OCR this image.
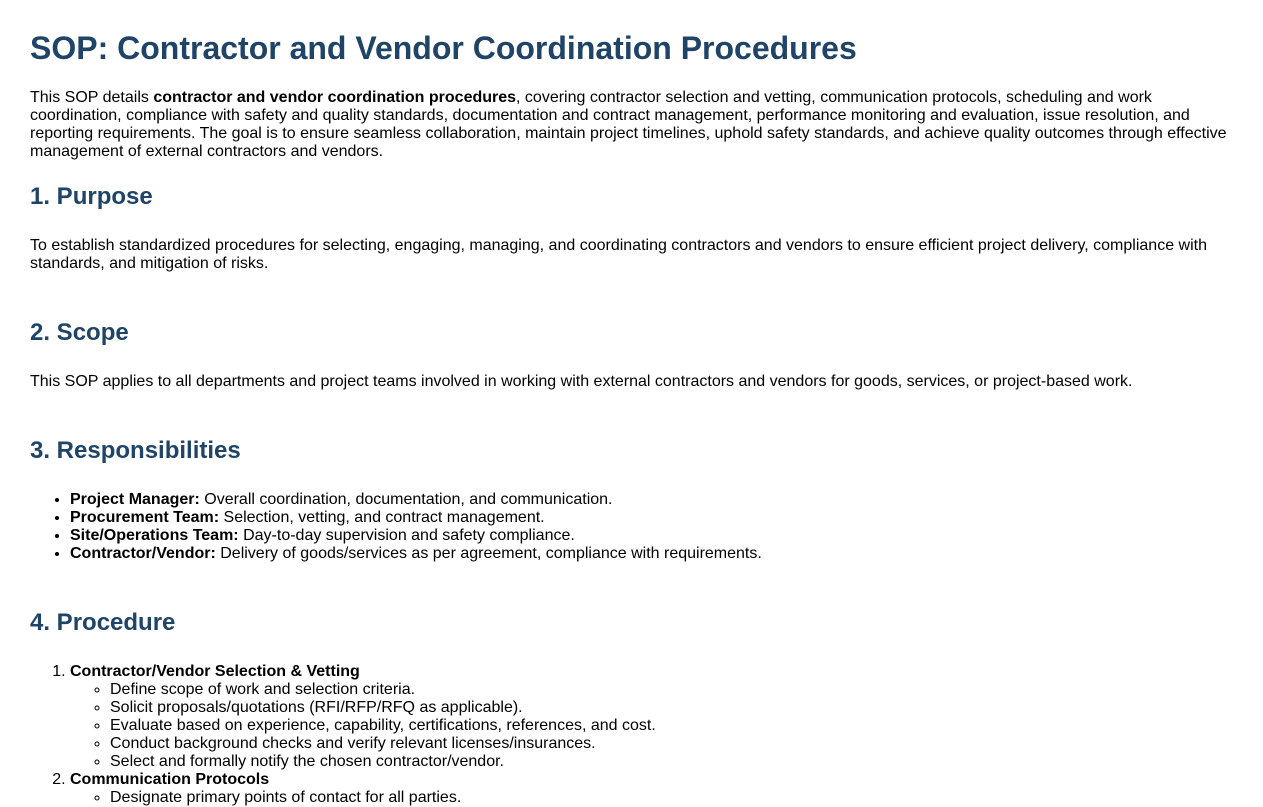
SOP: Contractor and Vendor Coordination Procedures

This SOP details contractor and vendor coordination procedures, covering contractor selection and vetting, communication protocols, scheduling and work coordination, compliance with safety and quality standards, documentation and contract management, performance monitoring and evaluation, issue resolution, and reporting requirements. The goal is to ensure seamless collaboration, maintain project timelines, uphold safety standards, and achieve quality outcomes through effective management of external contractors and vendors.

1. Purpose

To establish standardized procedures for selecting, engaging, managing, and coordinating contractors and vendors to ensure efficient project delivery, compliance with standards, and mitigation of risks.

2. Scope

This SOP applies to all departments and project teams involved in working with external contractors and vendors for goods, services, or project-based work.

3. Responsibilities
• Project Manager: Overall coordination, documentation, and communication.
• Procurement Team: Selection, vetting, and contract management.
• Site/Operations Team: Day-to-day supervision and safety compliance.
• Contractor/Vendor: Delivery of goods/services as per agreement, compliance with requirements.
4. Procedure
1. Contractor/Vendor Selection & Vetting
◦ Define scope of work and selection criteria.
◦ Solicit proposals/quotations (RFI/RFP/RFQ as applicable).
◦ Evaluate based on experience, capability, certifications, references, and cost.
◦ Conduct background checks and verify relevant licenses/insurances.
◦ Select and formally notify the chosen contractor/vendor.
2. Communication Protocols
◦ Designate primary points of contact for all parties.
